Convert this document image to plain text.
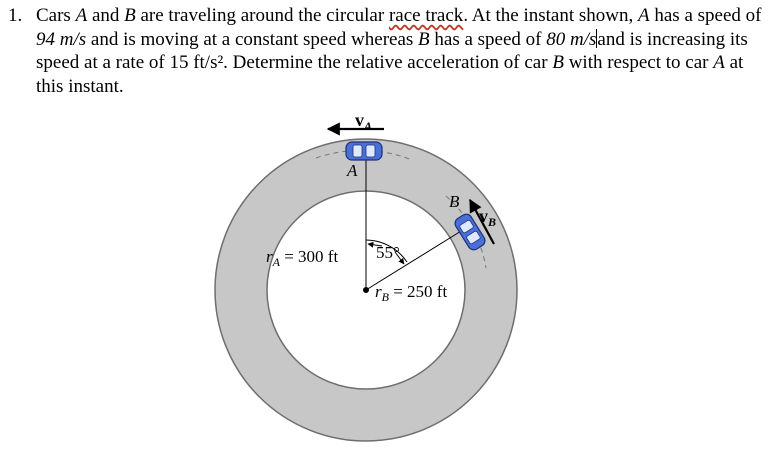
1. Cars A and B are traveling around the circular race track. At the instant shown, A has a speed of 94 m/s and is moving at a constant speed whereas B has a speed of 80 m/sand is increasing its speed at a rate of 15 ft/s². Determine the relative acceleration of car B with respect to car A at this instant.
$v_A$
A
B
$v_B$
$r_A = 300$ ft 55°
$r_B = 250$ ft
